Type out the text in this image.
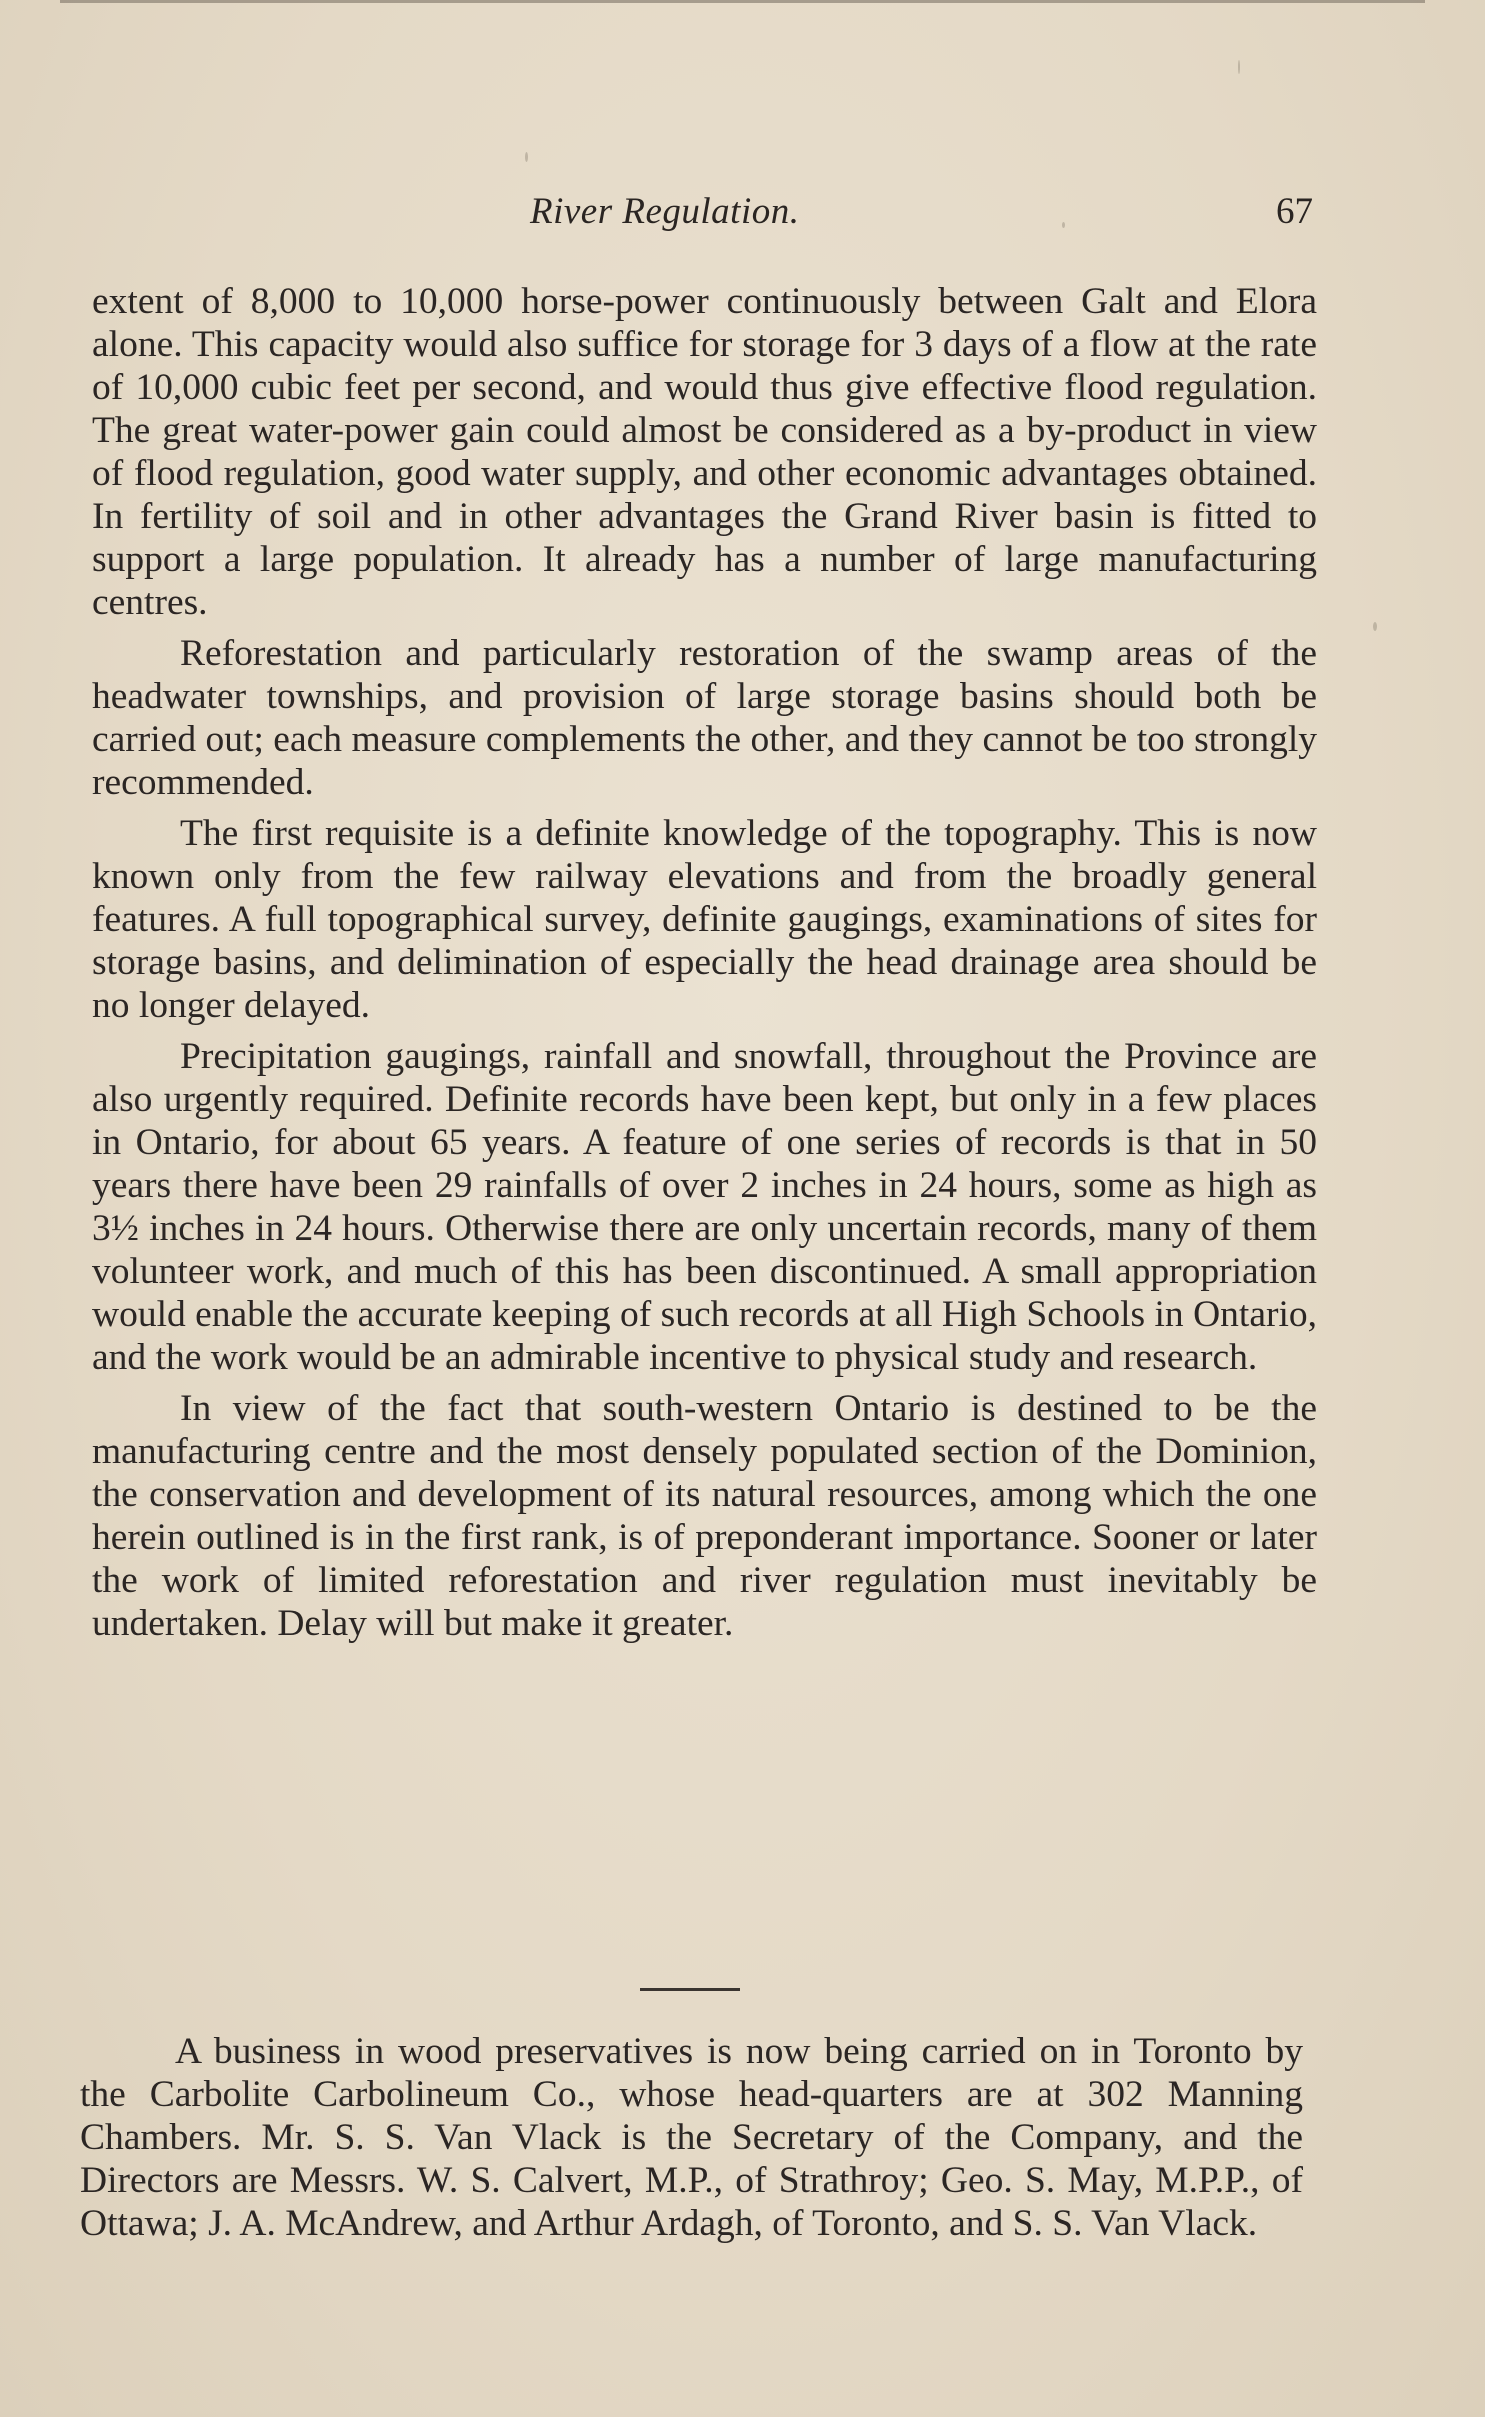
River Regulation.	67

extent of 8,000 to 10,000 horse-power continuously between Galt and Elora alone. This capacity would also suffice for storage for 3 days of a flow at the rate of 10,000 cubic feet per second, and would thus give effective flood regulation. The great water-power gain could almost be considered as a by-product in view of flood regulation, good water supply, and other economic advantages obtained. In fertility of soil and in other advantages the Grand River basin is fitted to support a large population. It already has a number of large manufacturing centres.

Reforestation and particularly restoration of the swamp areas of the headwater townships, and provision of large storage basins should both be carried out; each measure complements the other, and they cannot be too strongly recommended.

The first requisite is a definite knowledge of the topography. This is now known only from the few railway elevations and from the broadly general features. A full topographical survey, definite gaugings, examinations of sites for storage basins, and delimination of especially the head drainage area should be no longer delayed.

Precipitation gaugings, rainfall and snowfall, throughout the Province are also urgently required. Definite records have been kept, but only in a few places in Ontario, for about 65 years. A feature of one series of records is that in 50 years there have been 29 rainfalls of over 2 inches in 24 hours, some as high as 3½ inches in 24 hours. Otherwise there are only uncertain records, many of them volunteer work, and much of this has been discontinued. A small appropriation would enable the accurate keeping of such records at all High Schools in Ontario, and the work would be an admirable incentive to physical study and research.

In view of the fact that south-western Ontario is destined to be the manufacturing centre and the most densely populated section of the Dominion, the conservation and development of its natural resources, among which the one herein outlined is in the first rank, is of preponderant importance. Sooner or later the work of limited reforestation and river regulation must inevitably be undertaken. Delay will but make it greater.

A business in wood preservatives is now being carried on in Toronto by the Carbolite Carbolineum Co., whose head-quarters are at 302 Manning Chambers. Mr. S. S. Van Vlack is the Secretary of the Company, and the Directors are Messrs. W. S. Calvert, M.P., of Strathroy; Geo. S. May, M.P.P., of Ottawa; J. A. McAndrew, and Arthur Ardagh, of Toronto, and S. S. Van Vlack.
